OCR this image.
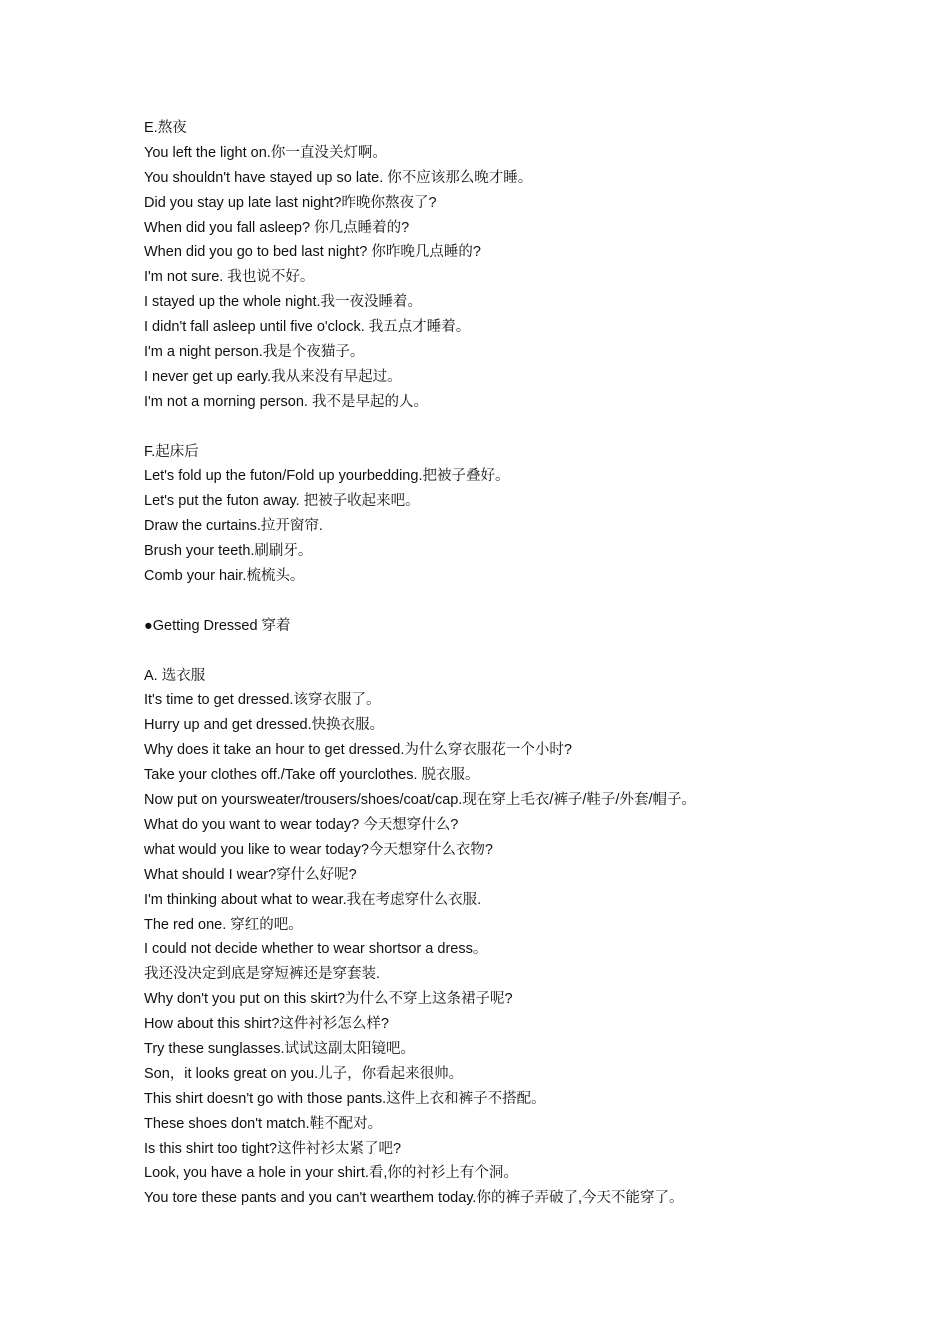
E.熬夜
You left the light on.你一直没关灯啊。
You shouldn't have stayed up so late. 你不应该那么晚才睡。
Did you stay up late last night?昨晚你熬夜了?
When did you fall asleep? 你几点睡着的?
When did you go to bed last night? 你昨晚几点睡的?
I'm not sure. 我也说不好。
I stayed up the whole night.我一夜没睡着。
I didn't fall asleep until five o'clock. 我五点才睡着。
I'm a night person.我是个夜猫子。
I never get up early.我从来没有早起过。
I'm not a morning person. 我不是早起的人。
F.起床后
Let's fold up the futon/Fold up yourbedding.把被子叠好。
Let's put the futon away. 把被子收起来吧。
Draw the curtains.拉开窗帘.
Brush your teeth.刷刷牙。
Comb your hair.梳梳头。
●Getting Dressed 穿着
A. 选衣服
It's time to get dressed.该穿衣服了。
Hurry up and get dressed.快换衣服。
Why does it take an hour to get dressed.为什么穿衣服花一个小时?
Take your clothes off./Take off yourclothes. 脱衣服。
Now put on yoursweater/trousers/shoes/coat/cap.现在穿上毛衣/裤子/鞋子/外套/帽子。
What do you want to wear today? 今天想穿什么?
what would you like to wear today?今天想穿什么衣物?
What should I wear?穿什么好呢?
I'm thinking about what to wear.我在考虑穿什么衣服.
The red one. 穿红的吧。
I could not decide whether to wear shortsor a dress。
我还没决定到底是穿短裤还是穿套装.
Why don't you put on this skirt?为什么不穿上这条裙子呢?
How about this shirt?这件衬衫怎么样?
Try these sunglasses.试试这副太阳镜吧。
Son，it looks great on you.儿子，你看起来很帅。
This shirt doesn't go with those pants.这件上衣和裤子不搭配。
These shoes don't match.鞋不配对。
Is this shirt too tight?这件衬衫太紧了吧?
Look, you have a hole in your shirt.看,你的衬衫上有个洞。
You tore these pants and you can't wearthem today.你的裤子弄破了,今天不能穿了。
